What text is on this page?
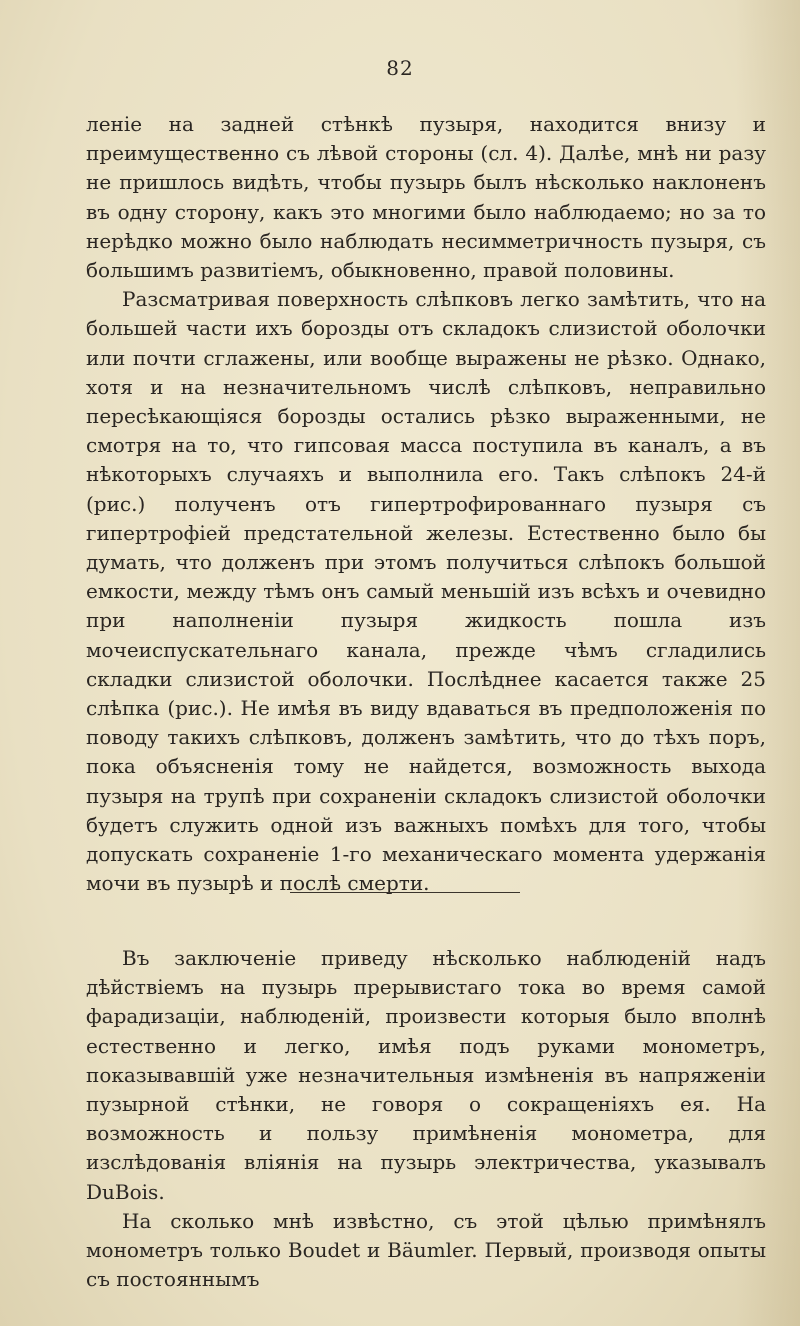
82

леніе на задней стѣнкѣ пузыря, находится внизу и преимущественно съ лѣвой стороны (сл. 4). Далѣе, мнѣ ни разу не пришлось видѣть, чтобы пузырь былъ нѣсколько наклоненъ въ одну сторону, какъ это многими было наблюдаемо; но за то нерѣдко можно было наблюдать несимметричность пузыря, съ большимъ развитіемъ, обыкновенно, правой половины.

Разсматривая поверхность слѣпковъ легко замѣтить, что на большей части ихъ борозды отъ складокъ слизистой оболочки или почти сглажены, или вообще выражены не рѣзко. Однако, хотя и на незначительномъ числѣ слѣпковъ, неправильно пересѣкающіяся борозды остались рѣзко выраженными, не смотря на то, что гипсовая масса поступила въ каналъ, а въ нѣкоторыхъ случаяхъ и выполнила его. Такъ слѣпокъ 24-й (рис.) полученъ отъ гипертрофированнаго пузыря съ гипертрофіей предстательной железы. Естественно было бы думать, что долженъ при этомъ получиться слѣпокъ большой емкости, между тѣмъ онъ самый меньшій изъ всѣхъ и очевидно при наполненіи пузыря жидкость пошла изъ мочеиспускательнаго канала, прежде чѣмъ сгладились складки слизистой оболочки. Послѣднее касается также 25 слѣпка (рис.). Не имѣя въ виду вдаваться въ предположенія по поводу такихъ слѣпковъ, долженъ замѣтить, что до тѣхъ поръ, пока объясненія тому не найдется, возможность выхода пузыря на трупѣ при сохраненіи складокъ слизистой оболочки будетъ служить одной изъ важныхъ помѣхъ для того, чтобы допускать сохраненіе 1-го механическаго момента удержанія мочи въ пузырѣ и послѣ смерти.

Въ заключеніе приведу нѣсколько наблюденій надъ дѣйствіемъ на пузырь прерывистаго тока во время самой фарадизаціи, наблюденій, произвести которыя было вполнѣ естественно и легко, имѣя подъ руками монометръ, показывавшій уже незначительныя измѣненія въ напряженіи пузырной стѣнки, не говоря о сокращеніяхъ ея. На возможность и пользу примѣненія монометра, для изслѣдованія вліянія на пузырь электричества, указывалъ DuBois.

На сколько мнѣ извѣстно, съ этой цѣлью примѣнялъ монометръ только Boudet и Bäumler. Первый, производя опыты съ постояннымъ
